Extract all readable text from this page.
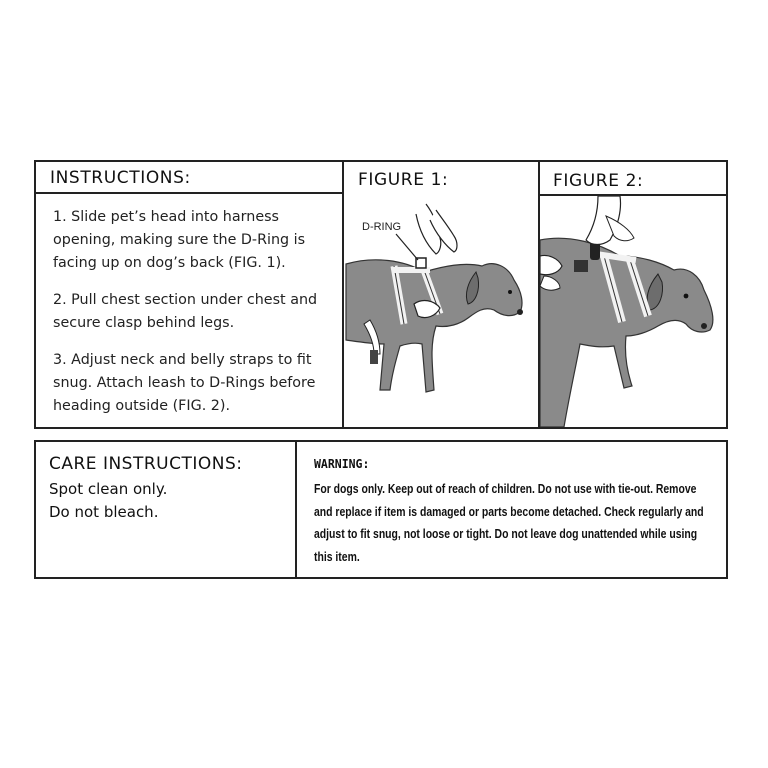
INSTRUCTIONS:	FIGURE 1:	FIGURE 2:
1. Slide pet’s head into harness opening, making sure the D-Ring is facing up on dog’s back (FIG. 1).
2. Pull chest section under chest and secure clasp behind legs.
3. Adjust neck and belly straps to fit snug. Attach leash to D-Rings before heading outside (FIG. 2).
D-RING
CARE INSTRUCTIONS:
Spot clean only.
Do not bleach.
WARNING:
For dogs only. Keep out of reach of children. Do not use with tie-out. Remove and replace if item is damaged or parts become detached. Check regularly and adjust to fit snug, not loose or tight. Do not leave dog unattended while using this item.
